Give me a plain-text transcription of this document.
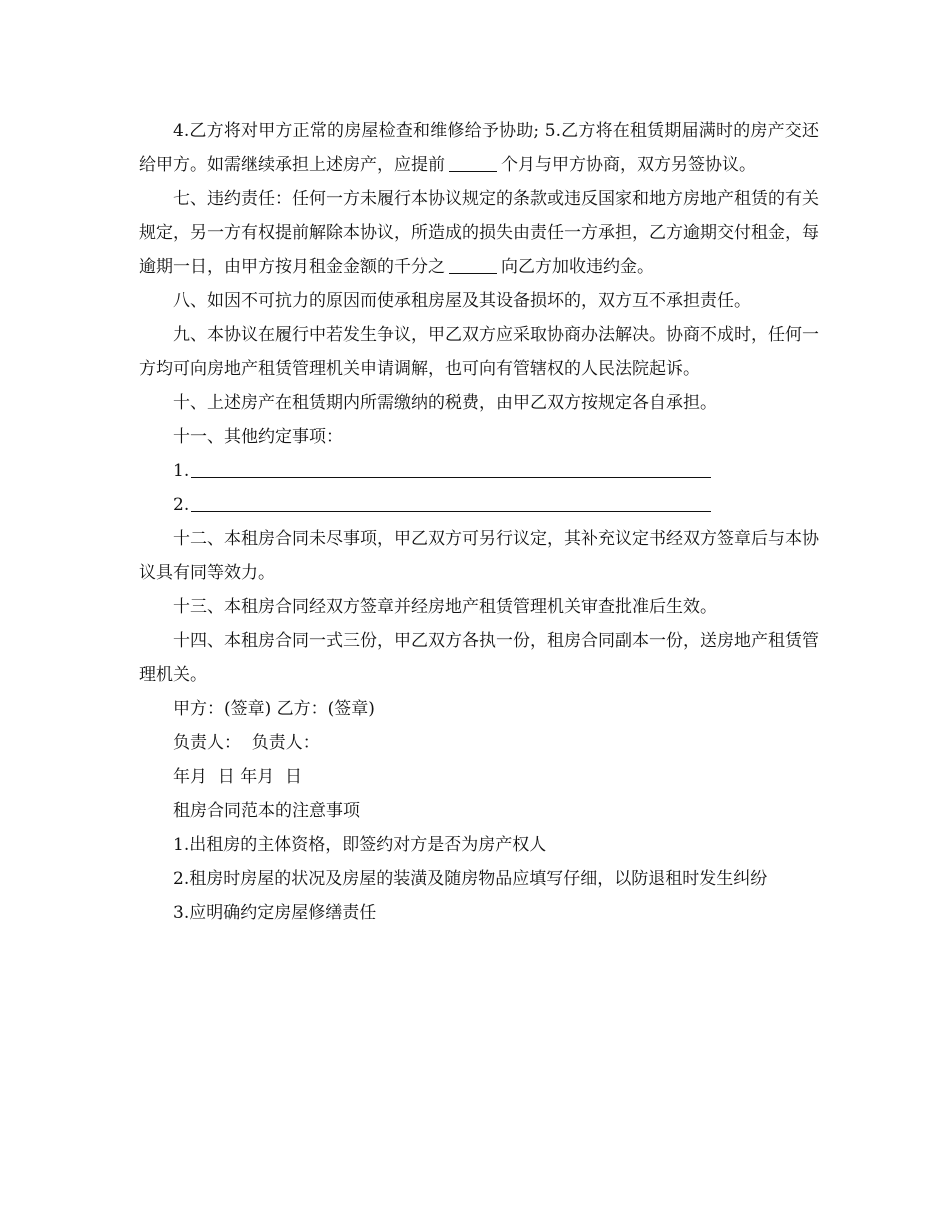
4.乙方将对甲方正常的房屋检查和维修给予协助; 5.乙方将在租赁期届满时的房产交还给甲方。如需继续承担上述房产，应提前	个月与甲方协商，双方另签协议。

七、违约责任：任何一方未履行本协议规定的条款或违反国家和地方房地产租赁的有关规定，另一方有权提前解除本协议，所造成的损失由责任一方承担，乙方逾期交付租金，每逾期一日，由甲方按月租金金额的千分之	向乙方加收违约金。

八、如因不可抗力的原因而使承租房屋及其设备损坏的，双方互不承担责任。

九、本协议在履行中若发生争议，甲乙双方应采取协商办法解决。协商不成时，任何一方均可向房地产租赁管理机关申请调解，也可向有管辖权的人民法院起诉。

十、上述房产在租赁期内所需缴纳的税费，由甲乙双方按规定各自承担。

十一、其他约定事项：

1.

2.

十二、本租房合同未尽事项，甲乙双方可另行议定，其补充议定书经双方签章后与本协议具有同等效力。

十三、本租房合同经双方签章并经房地产租赁管理机关审查批准后生效。

十四、本租房合同一式三份，甲乙双方各执一份，租房合同副本一份，送房地产租赁管理机关。

甲方：(签章) 乙方：(签章)

负责人：  负责人：

年月  日 年月  日

租房合同范本的注意事项

1.出租房的主体资格，即签约对方是否为房产权人

2.租房时房屋的状况及房屋的装潢及随房物品应填写仔细，以防退租时发生纠纷

3.应明确约定房屋修缮责任
